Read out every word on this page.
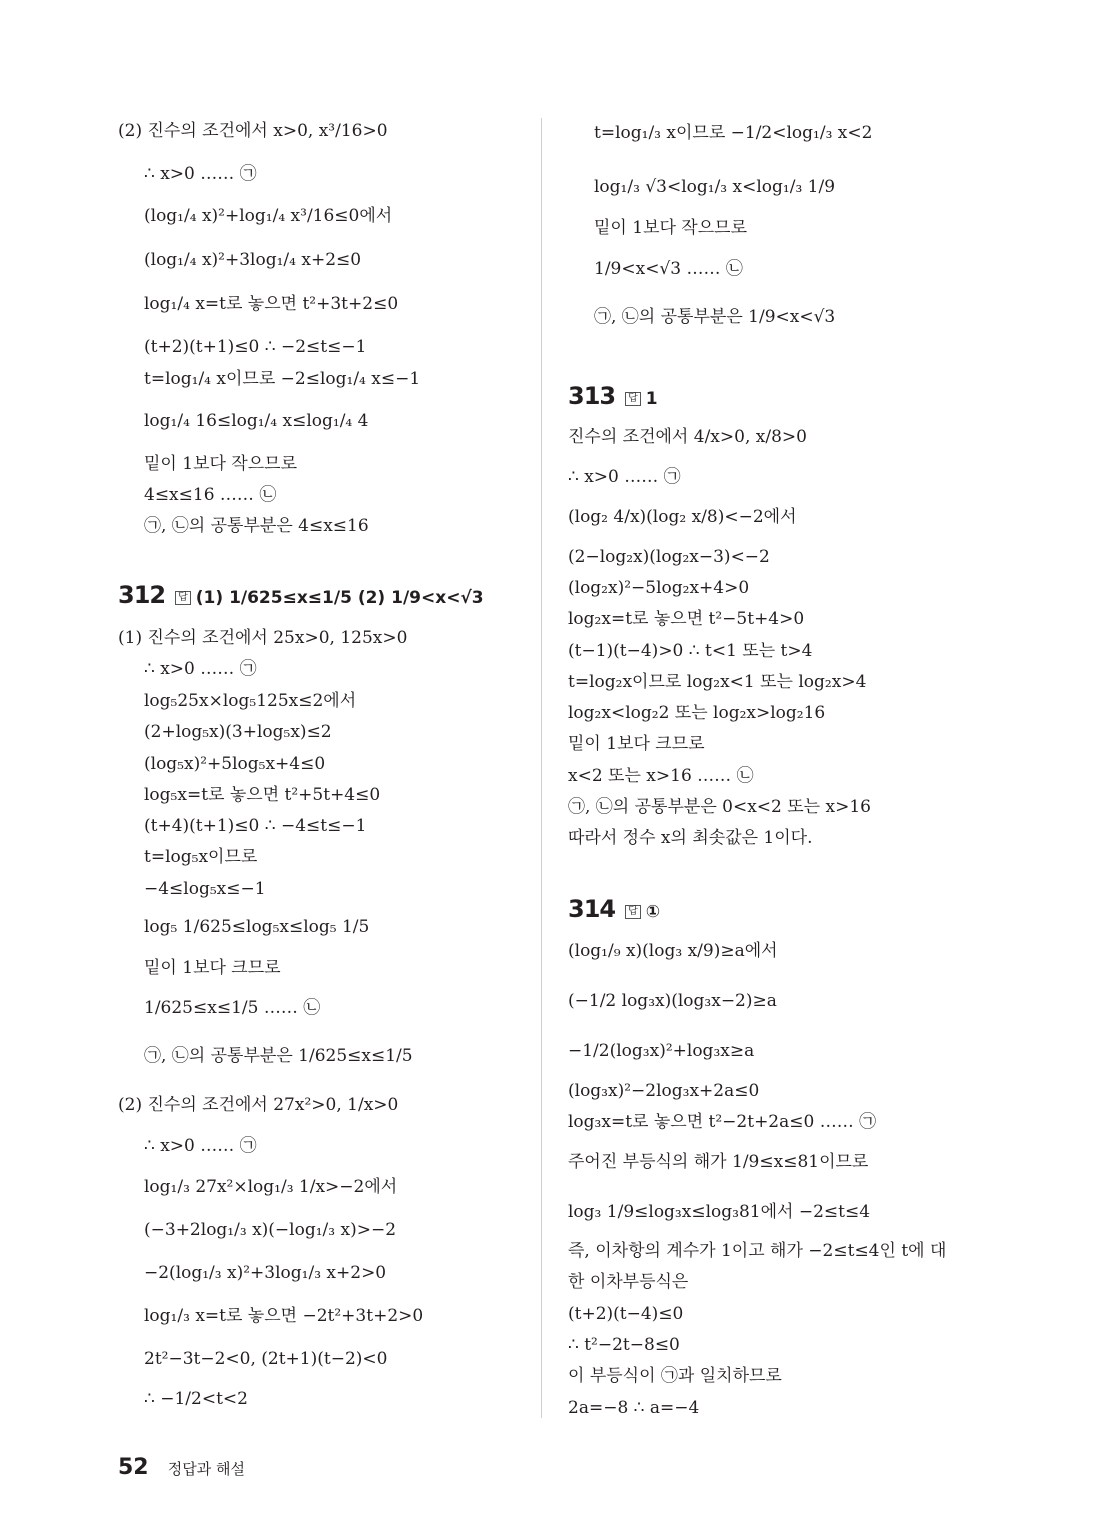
(2) 진수의 조건에서 x>0, x³/16>0
∴ x>0 …… ㉠
(log₁/₄ x)²+log₁/₄ x³/16≤0에서
(log₁/₄ x)²+3log₁/₄ x+2≤0
log₁/₄ x=t로 놓으면 t²+3t+2≤0
(t+2)(t+1)≤0 ∴ −2≤t≤−1
t=log₁/₄ x이므로 −2≤log₁/₄ x≤−1
log₁/₄ 16≤log₁/₄ x≤log₁/₄ 4
밑이 1보다 작으므로
4≤x≤16 …… ㉡
㉠, ㉡의 공통부분은 4≤x≤16
(1) 진수의 조건에서 25x>0, 125x>0
∴ x>0 …… ㉠
log₅25x×log₅125x≤2에서
(2+log₅x)(3+log₅x)≤2
(log₅x)²+5log₅x+4≤0
log₅x=t로 놓으면 t²+5t+4≤0
(t+4)(t+1)≤0 ∴ −4≤t≤−1
t=log₅x이므로
−4≤log₅x≤−1
log₅ 1/625≤log₅x≤log₅ 1/5
밑이 1보다 크므로
1/625≤x≤1/5 …… ㉡
㉠, ㉡의 공통부분은 1/625≤x≤1/5
(2) 진수의 조건에서 27x²>0, 1/x>0
∴ x>0 …… ㉠
log₁/₃ 27x²×log₁/₃ 1/x>−2에서
(−3+2log₁/₃ x)(−log₁/₃ x)>−2
−2(log₁/₃ x)²+3log₁/₃ x+2>0
log₁/₃ x=t로 놓으면 −2t²+3t+2>0
2t²−3t−2<0, (2t+1)(t−2)<0
∴ −1/2<t<2
312 답 (1) 1/625≤x≤1/5 (2) 1/9<x<√3
t=log₁/₃ x이므로 −1/2<log₁/₃ x<2
log₁/₃ √3<log₁/₃ x<log₁/₃ 1/9
밑이 1보다 작으므로
1/9<x<√3 …… ㉡
㉠, ㉡의 공통부분은 1/9<x<√3
진수의 조건에서 4/x>0, x/8>0
∴ x>0 …… ㉠
(log₂ 4/x)(log₂ x/8)<−2에서
(2−log₂x)(log₂x−3)<−2
(log₂x)²−5log₂x+4>0
log₂x=t로 놓으면 t²−5t+4>0
(t−1)(t−4)>0 ∴ t<1 또는 t>4
t=log₂x이므로 log₂x<1 또는 log₂x>4
log₂x<log₂2 또는 log₂x>log₂16
밑이 1보다 크므로
x<2 또는 x>16 …… ㉡
㉠, ㉡의 공통부분은 0<x<2 또는 x>16
따라서 정수 x의 최솟값은 1이다.
(log₁/₉ x)(log₃ x/9)≥a에서
(−1/2 log₃x)(log₃x−2)≥a
−1/2(log₃x)²+log₃x≥a
(log₃x)²−2log₃x+2a≤0
log₃x=t로 놓으면 t²−2t+2a≤0 …… ㉠
주어진 부등식의 해가 1/9≤x≤81이므로
log₃ 1/9≤log₃x≤log₃81에서 −2≤t≤4
즉, 이차항의 계수가 1이고 해가 −2≤t≤4인 t에 대
한 이차부등식은
(t+2)(t−4)≤0
∴ t²−2t−8≤0
이 부등식이 ㉠과 일치하므로
2a=−8 ∴ a=−4
313 답 1
314 답 ①
52 정답과 해설
